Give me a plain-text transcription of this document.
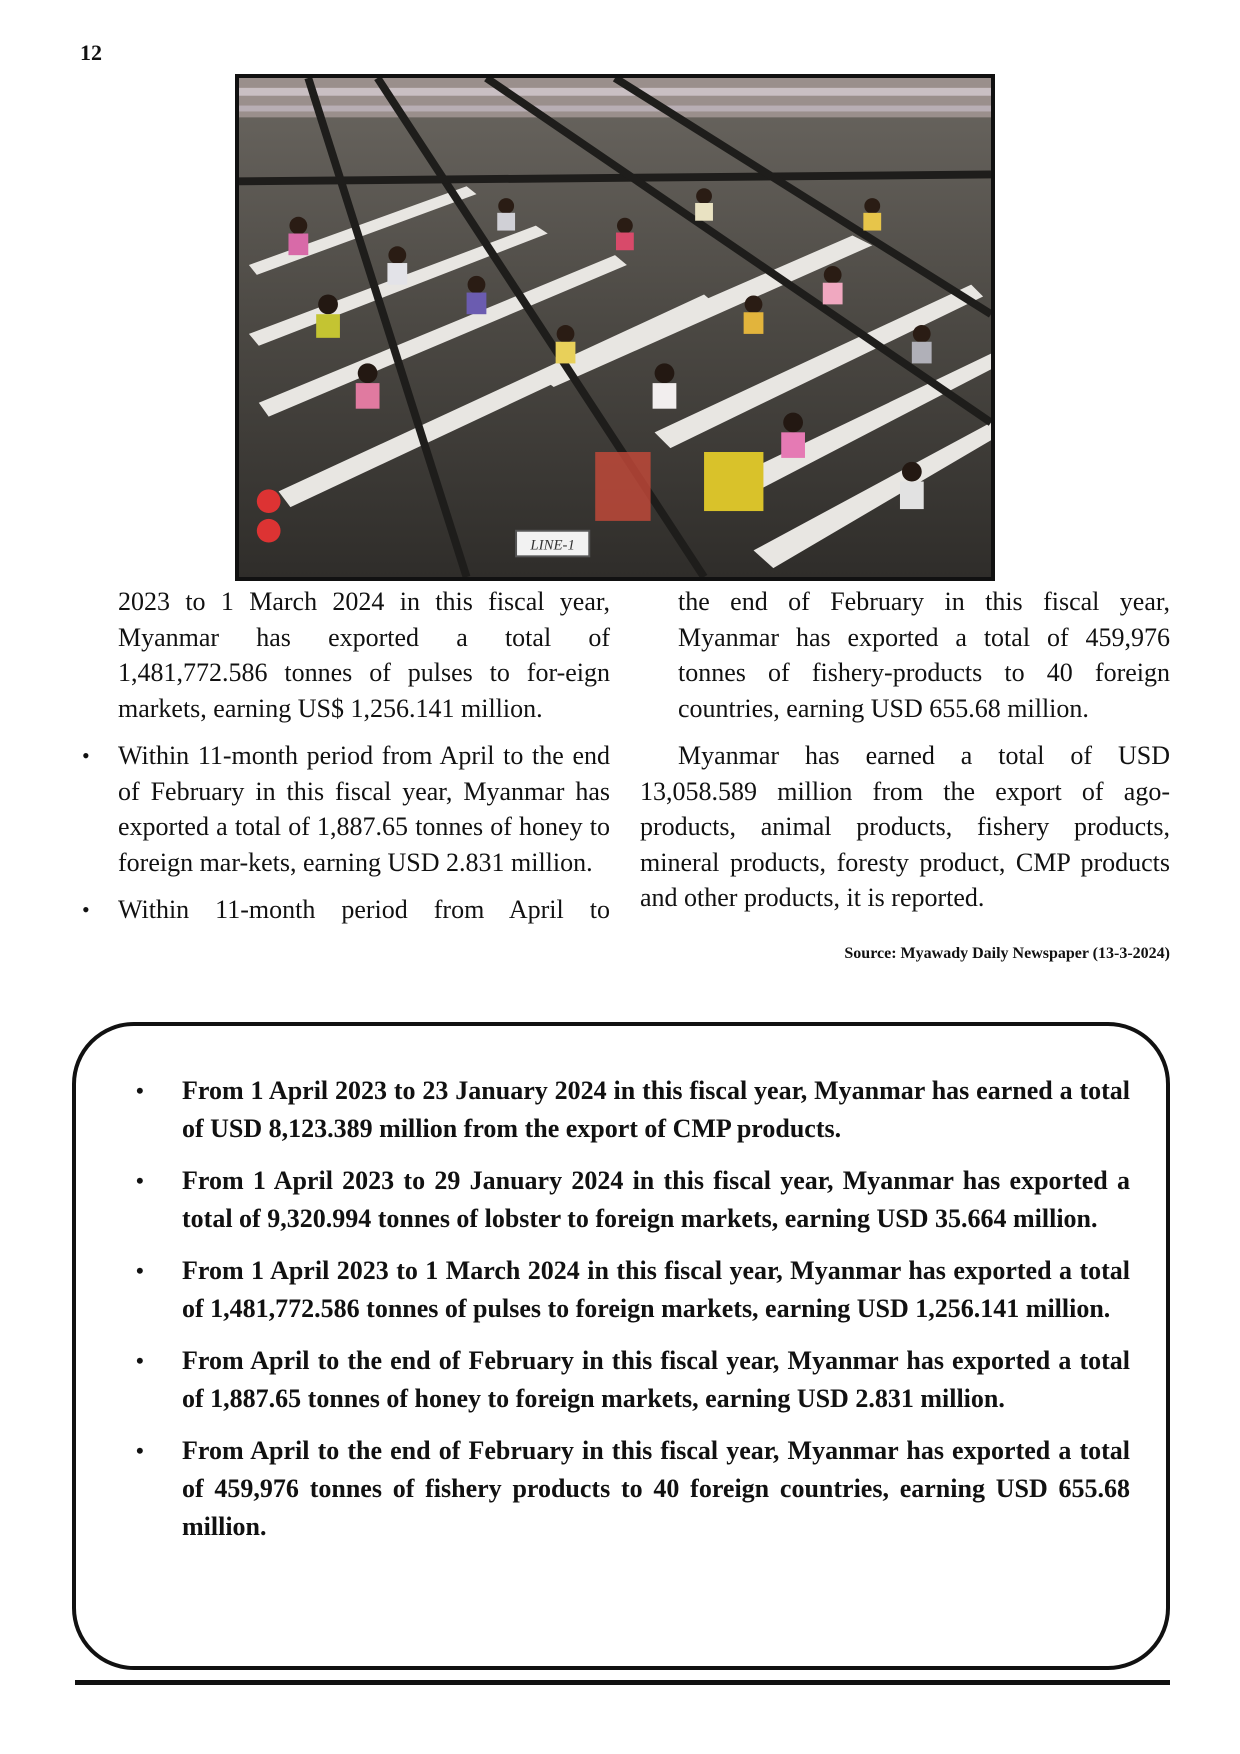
12
LINE-1

2023 to 1 March 2024 in this fiscal year, Myanmar has exported a total of 1,481,772.586 tonnes of pulses to for-eign markets, earning US$ 1,256.141 million.

• Within 11-month period from April to the end of February in this fiscal year, Myanmar has exported a total of 1,887.65 tonnes of honey to foreign mar-kets, earning USD 2.831 million.
• Within 11-month period from April to

the end of February in this fiscal year, Myanmar has exported a total of 459,976 tonnes of fishery-products to 40 foreign countries, earning USD 655.68 million.

Myanmar has earned a total of USD 13,058.589 million from the export of ago-products, animal products, fishery products, mineral products, foresty product, CMP products and other products, it is reported.

Source: Myawady Daily Newspaper (13-3-2024)

• From 1 April 2023 to 23 January 2024 in this fiscal year, Myanmar has earned a total of USD 8,123.389 million from the export of CMP products.
• From 1 April 2023 to 29 January 2024 in this fiscal year, Myanmar has exported a total of 9,320.994 tonnes of lobster to foreign markets, earning USD 35.664 million.
• From 1 April 2023 to 1 March 2024 in this fiscal year, Myanmar has exported a total of 1,481,772.586 tonnes of pulses to foreign markets, earning USD 1,256.141 million.
• From April to the end of February in this fiscal year, Myanmar has exported a total of 1,887.65 tonnes of honey to foreign markets, earning USD 2.831 million.
• From April to the end of February in this fiscal year, Myanmar has exported a total of 459,976 tonnes of fishery products to 40 foreign countries, earning USD 655.68 million.
